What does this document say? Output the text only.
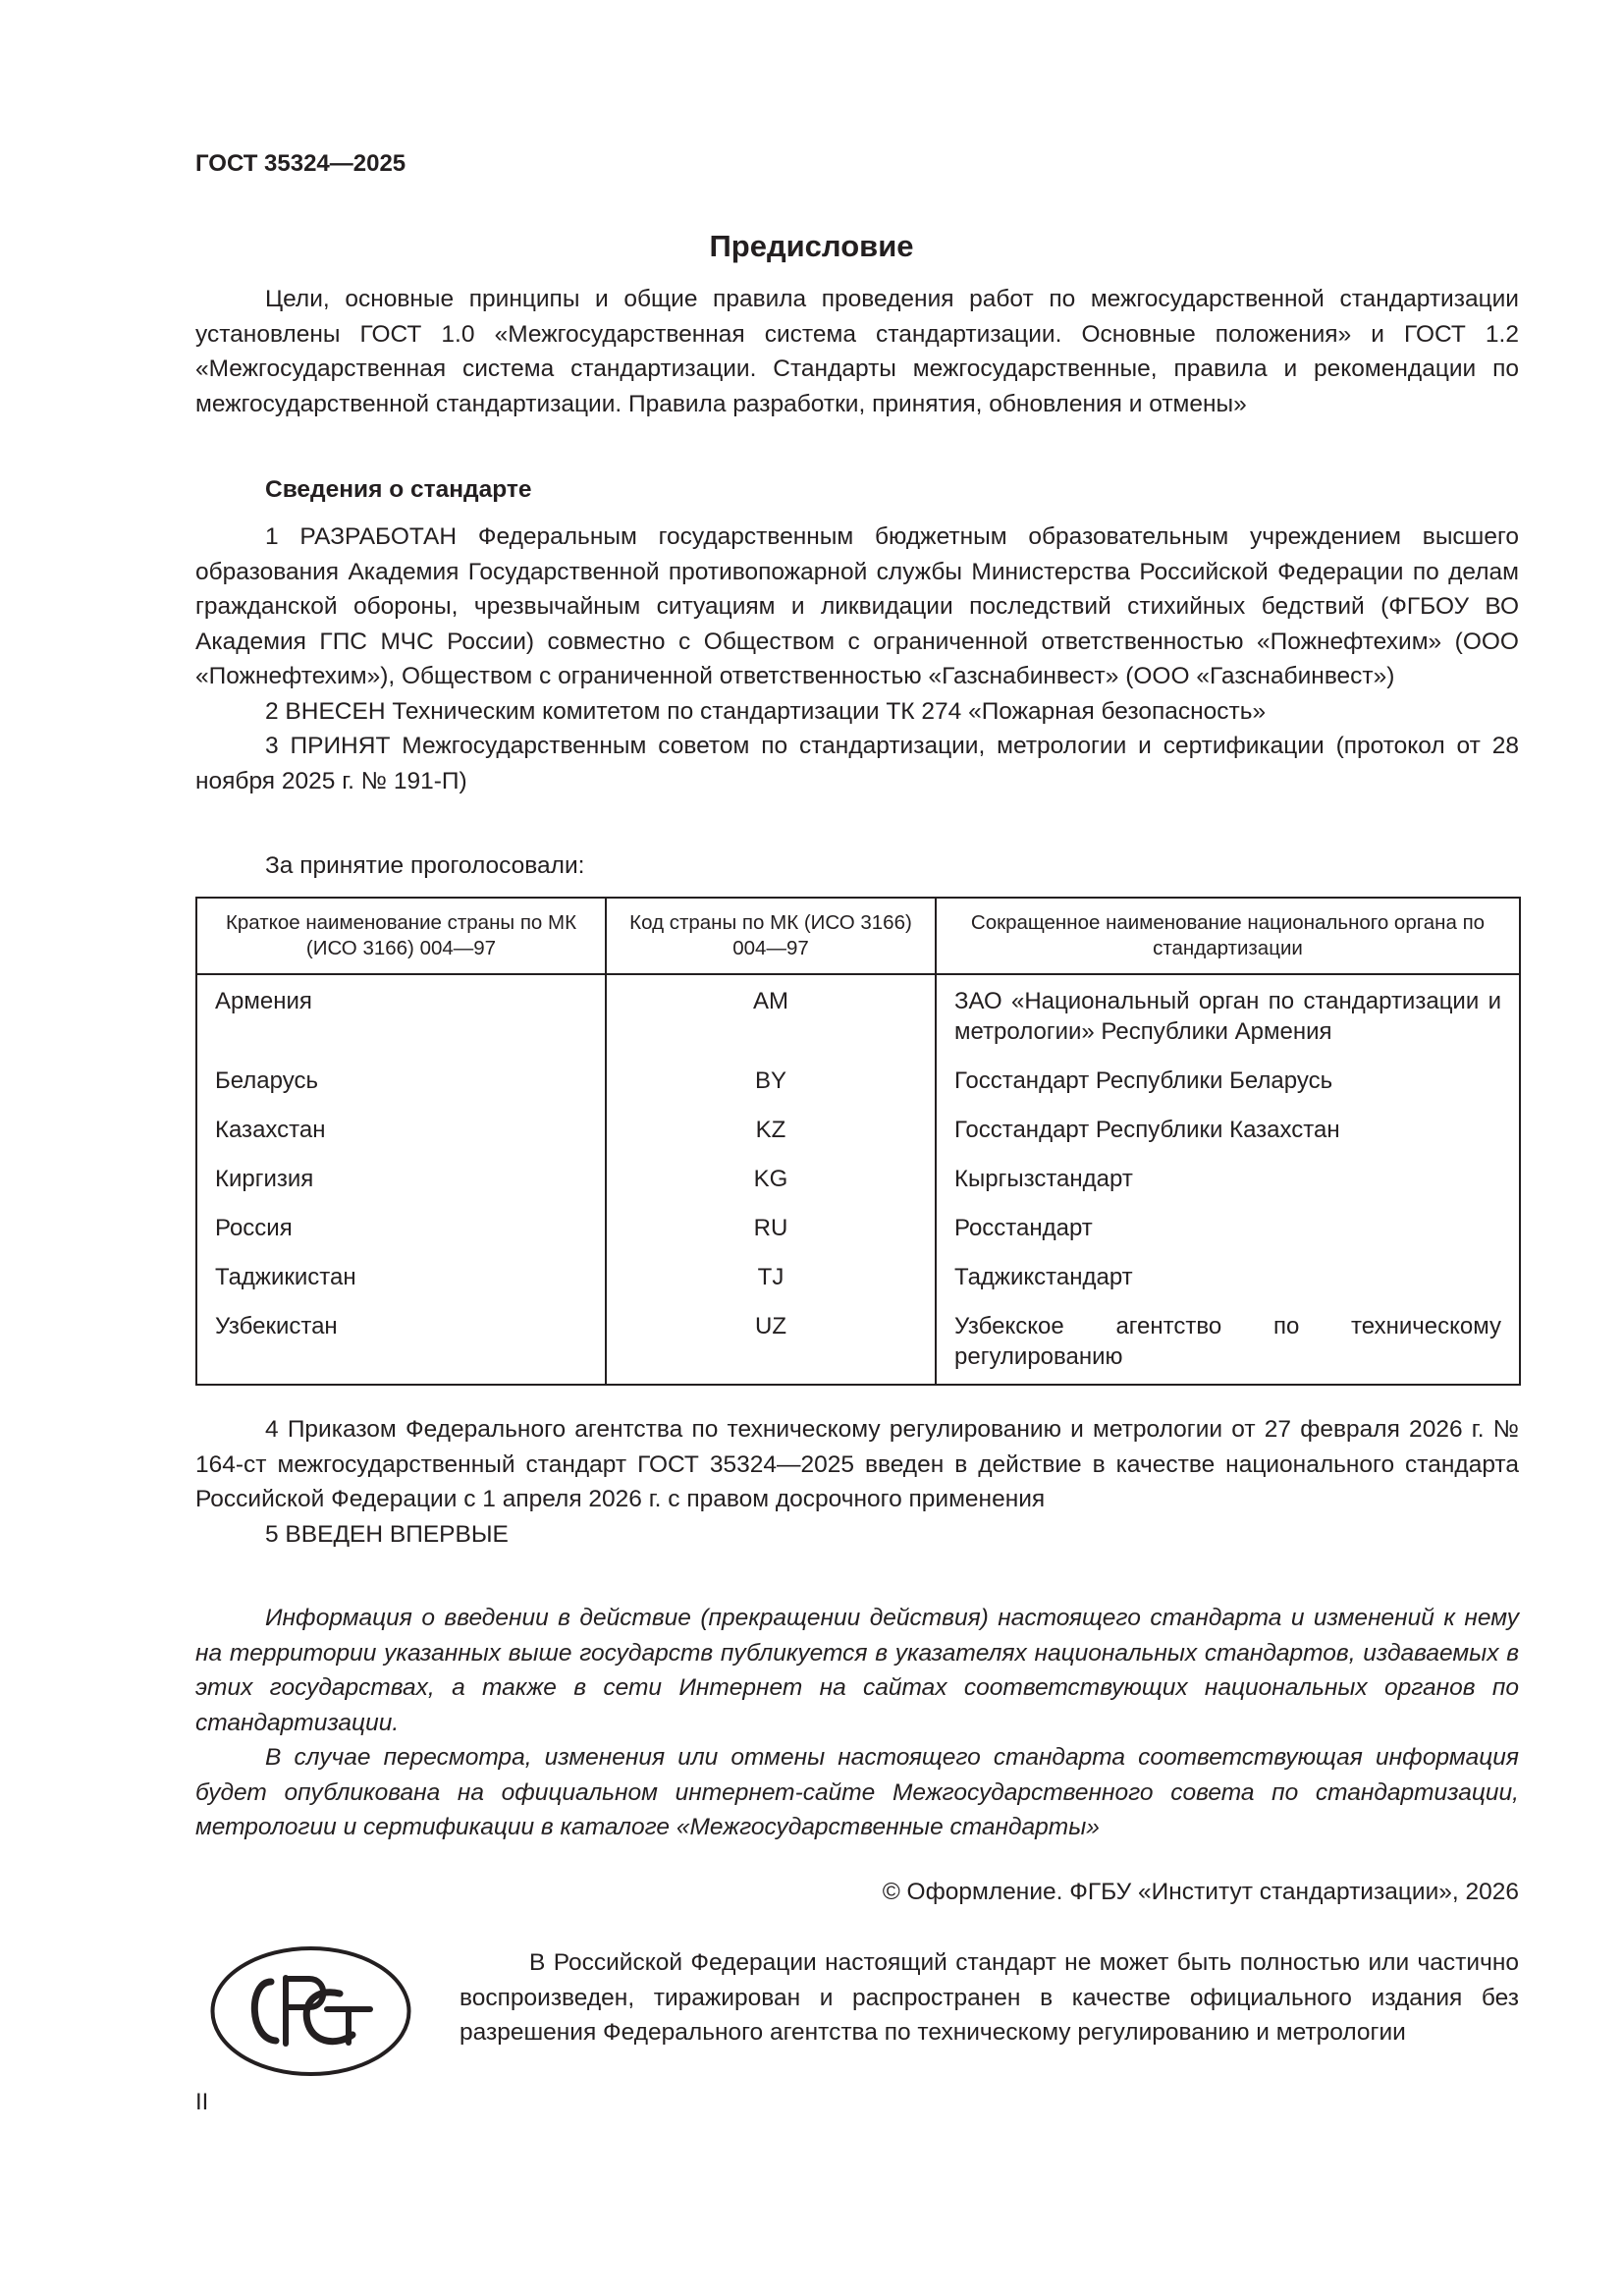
ГОСТ 35324—2025
Предисловие

Цели, основные принципы и общие правила проведения работ по межгосударственной стандартизации установлены ГОСТ 1.0 «Межгосударственная система стандартизации. Основные положения» и ГОСТ 1.2 «Межгосударственная система стандартизации. Стандарты межгосударственные, правила и рекомендации по межгосударственной стандартизации. Правила разработки, принятия, обновления и отмены»

Сведения о стандарте

1 РАЗРАБОТАН Федеральным государственным бюджетным образовательным учреждением высшего образования Академия Государственной противопожарной службы Министерства Российской Федерации по делам гражданской обороны, чрезвычайным ситуациям и ликвидации последствий стихийных бедствий (ФГБОУ ВО Академия ГПС МЧС России) совместно с Обществом с ограниченной ответственностью «Пожнефтехим» (ООО «Пожнефтехим»), Обществом с ограниченной ответственностью «Газснабинвест» (ООО «Газснабинвест»)

2 ВНЕСЕН Техническим комитетом по стандартизации ТК 274 «Пожарная безопасность»

3 ПРИНЯТ Межгосударственным советом по стандартизации, метрологии и сертификации (протокол от 28 ноября 2025 г. № 191-П)

За принятие проголосовали:
Краткое наименование страны по МК (ИСО 3166) 004—97	Код страны по МК (ИСО 3166) 004—97	Сокращенное наименование национального органа по стандартизации
Армения	AM	ЗАО «Национальный орган по стандартизации и метрологии» Республики Армения
Беларусь	BY	Госстандарт Республики Беларусь
Казахстан	KZ	Госстандарт Республики Казахстан
Киргизия	KG	Кыргызстандарт
Россия	RU	Росстандарт
Таджикистан	TJ	Таджикстандарт
Узбекистан	UZ	Узбекское агентство по техническому регулированию

4 Приказом Федерального агентства по техническому регулированию и метрологии от 27 февраля 2026 г. № 164-ст межгосударственный стандарт ГОСТ 35324—2025 введен в действие в качестве национального стандарта Российской Федерации с 1 апреля 2026 г. с правом досрочного применения

5 ВВЕДЕН ВПЕРВЫЕ

Информация о введении в действие (прекращении действия) настоящего стандарта и изменений к нему на территории указанных выше государств публикуется в указателях национальных стандартов, издаваемых в этих государствах, а также в сети Интернет на сайтах соответствующих национальных органов по стандартизации.

В случае пересмотра, изменения или отмены настоящего стандарта соответствующая информация будет опубликована на официальном интернет-сайте Межгосударственного совета по стандартизации, метрологии и сертификации в каталоге «Межгосударственные стандарты»

© Оформление. ФГБУ «Институт стандартизации», 2026

В Российской Федерации настоящий стандарт не может быть полностью или частично воспроизведен, тиражирован и распространен в качестве официального издания без разрешения Федерального агентства по техническому регулированию и метрологии

II
